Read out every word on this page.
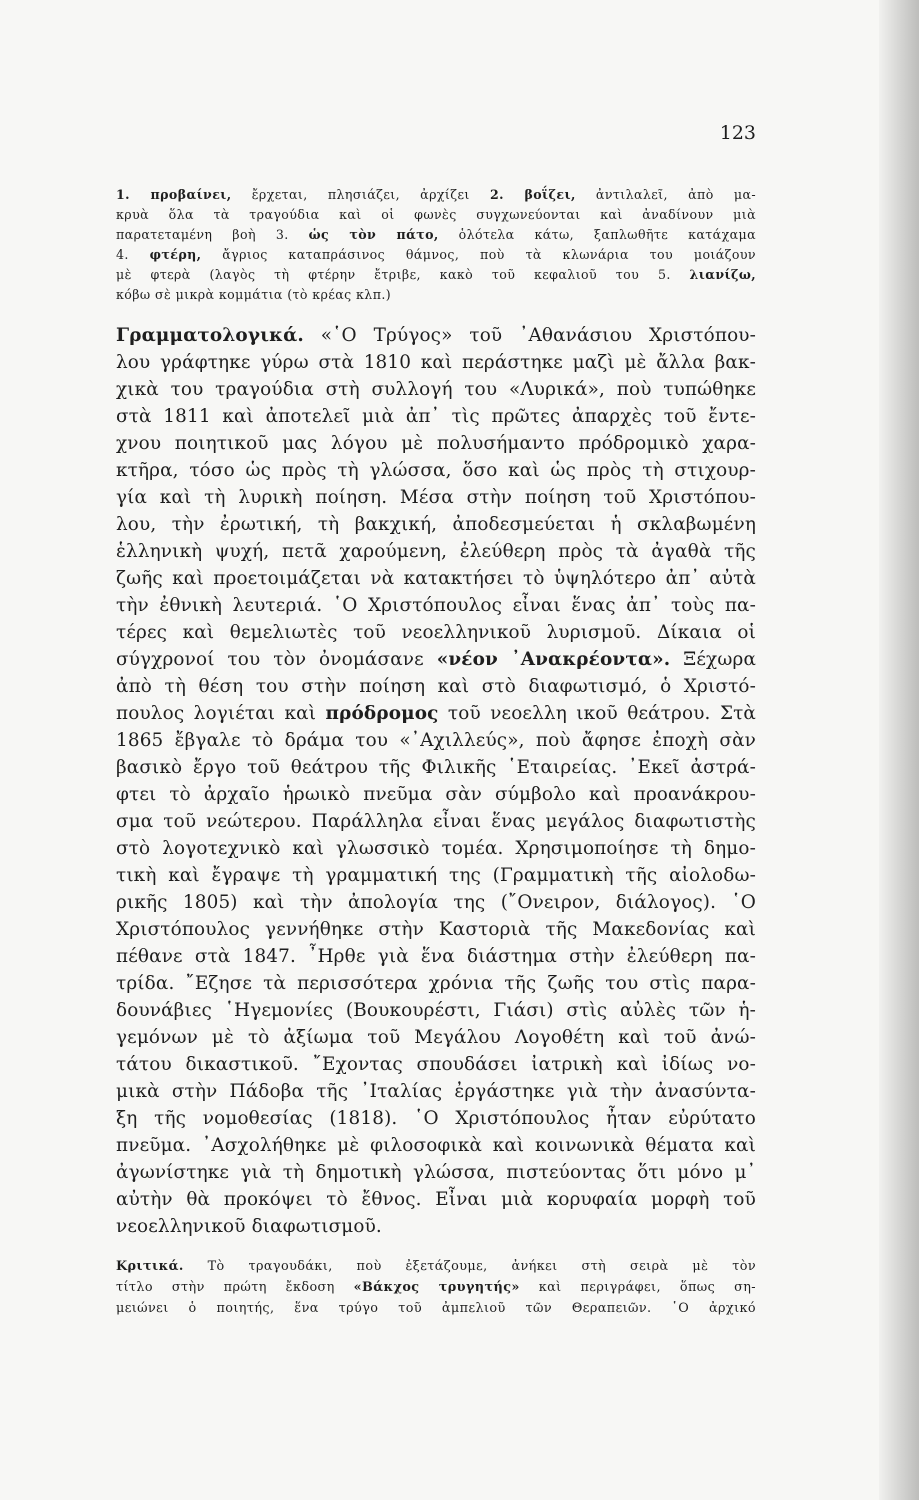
123
1. προβαίνει, ἔρχεται, πλησιάζει, ἀρχίζει 2. βοΐζει, ἀντιλαλεῖ, ἀπὸ μα-
κρυὰ ὅλα τὰ τραγούδια καὶ οἱ φωνὲς συγχωνεύονται καὶ ἀναδίνουν μιὰ
παρατεταμένη βοὴ 3. ὡς τὸν πάτο, ὁλότελα κάτω, ξαπλωθῆτε κατάχαμα
4. φτέρη, ἄγριος καταπράσινος θάμνος, ποὺ τὰ κλωνάρια του μοιάζουν
μὲ φτερὰ (λαγὸς τὴ φτέρην ἔτριβε, κακὸ τοῦ κεφαλιοῦ του 5. λιανίζω,
κόβω σὲ μικρὰ κομμάτια (τὸ κρέας κλπ.)
Γραμματολογικά. «῾Ο Τρύγος» τοῦ ᾿Αθανάσιου Χριστόπου-
λου γράφτηκε γύρω στὰ 1810 καὶ περάστηκε μαζὶ μὲ ἄλλα βακ-
χικὰ του τραγούδια στὴ συλλογή του «Λυρικά», ποὺ τυπώθηκε
στὰ 1811 καὶ ἀποτελεῖ μιὰ ἀπ᾿ τὶς πρῶτες ἀπαρχὲς τοῦ ἔντε-
χνου ποιητικοῦ μας λόγου μὲ πολυσήμαντο πρόδρομικὸ χαρα-
κτῆρα, τόσο ὡς πρὸς τὴ γλώσσα, ὅσο καὶ ὡς πρὸς τὴ στιχουρ-
γία καὶ τὴ λυρικὴ ποίηση. Μέσα στὴν ποίηση τοῦ Χριστόπου-
λου, τὴν ἐρωτική, τὴ βακχική, ἀποδεσμεύεται ἡ σκλαβωμένη
ἑλληνικὴ ψυχή, πετᾶ χαρούμενη, ἐλεύθερη πρὸς τὰ ἀγαθὰ τῆς
ζωῆς καὶ προετοιμάζεται νὰ κατακτήσει τὸ ὑψηλότερο ἀπ᾿ αὐτὰ
τὴν ἐθνικὴ λευτεριά. ῾Ο Χριστόπουλος εἶναι ἕνας ἀπ᾿ τοὺς πα-
τέρες καὶ θεμελιωτὲς τοῦ νεοελληνικοῦ λυρισμοῦ. Δίκαια οἱ
σύγχρονοί του τὸν ὀνομάσανε «νέον ᾿Ανακρέοντα». Ξέχωρα
ἀπὸ τὴ θέση του στὴν ποίηση καὶ στὸ διαφωτισμό, ὁ Χριστό-
πουλος λογιέται καὶ πρόδρομος τοῦ νεοελλη ικοῦ θεάτρου. Στὰ
1865 ἔβγαλε τὸ δράμα του «᾿Αχιλλεύς», ποὺ ἄφησε ἐποχὴ σὰν
βασικὸ ἔργο τοῦ θεάτρου τῆς Φιλικῆς ῾Εταιρείας. ᾿Εκεῖ ἀστρά-
φτει τὸ ἀρχαῖο ἡρωικὸ πνεῦμα σὰν σύμβολο καὶ προανάκρου-
σμα τοῦ νεώτερου. Παράλληλα εἶναι ἕνας μεγάλος διαφωτιστὴς
στὸ λογοτεχνικὸ καὶ γλωσσικὸ τομέα. Χρησιμοποίησε τὴ δημο-
τικὴ καὶ ἔγραψε τὴ γραμματική της (Γραμματικὴ τῆς αἰολοδω-
ρικῆς 1805) καὶ τὴν ἀπολογία της (῎Ονειρον, διάλογος). ῾Ο
Χριστόπουλος γεννήθηκε στὴν Καστοριὰ τῆς Μακεδονίας καὶ
πέθανε στὰ 1847. ῏Ηρθε γιὰ ἕνα διάστημα στὴν ἐλεύθερη πα-
τρίδα. ῎Εζησε τὰ περισσότερα χρόνια τῆς ζωῆς του στὶς παρα-
δουνάβιες ῾Ηγεμονίες (Βουκουρέστι, Γιάσι) στὶς αὐλὲς τῶν ἡ-
γεμόνων μὲ τὸ ἀξίωμα τοῦ Μεγάλου Λογοθέτη καὶ τοῦ ἀνώ-
τάτου δικαστικοῦ. ῎Εχοντας σπουδάσει ἰατρικὴ καὶ ἰδίως νο-
μικὰ στὴν Πάδοβα τῆς ᾿Ιταλίας ἐργάστηκε γιὰ τὴν ἀνασύντα-
ξη τῆς νομοθεσίας (1818). ῾Ο Χριστόπουλος ἦταν εὐρύτατο
πνεῦμα. ᾿Ασχολήθηκε μὲ φιλοσοφικὰ καὶ κοινωνικὰ θέματα καὶ
ἀγωνίστηκε γιὰ τὴ δημοτικὴ γλώσσα, πιστεύοντας ὅτι μόνο μ᾿
αὐτὴν θὰ προκόψει τὸ ἔθνος. Εἶναι μιὰ κορυφαία μορφὴ τοῦ
νεοελληνικοῦ διαφωτισμοῦ.
Κριτικά. Τὸ τραγουδάκι, ποὺ ἐξετάζουμε, ἀνήκει στὴ σειρὰ μὲ τὸν
τίτλο στὴν πρώτη ἔκδοση «Βάκχος τρυγητής» καὶ περιγράφει, ὅπως ση-
μειώνει ὁ ποιητής, ἕνα τρύγο τοῦ ἀμπελιοῦ τῶν Θεραπειῶν. ῾Ο ἀρχικό
